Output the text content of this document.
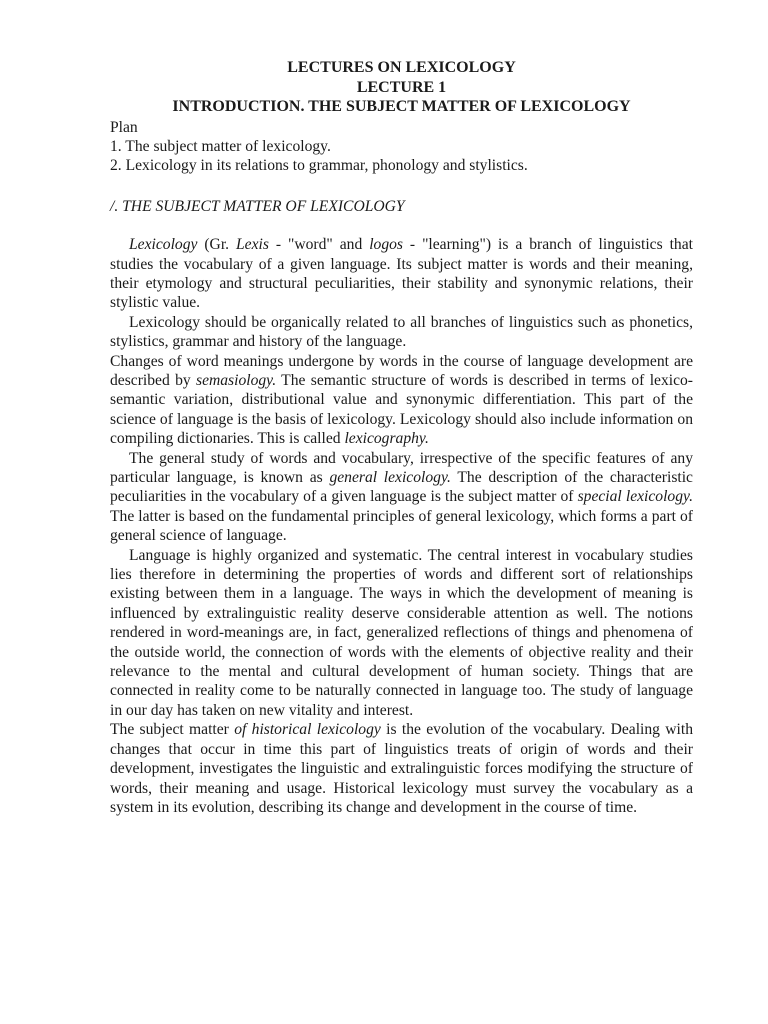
LECTURES ON LEXICOLOGY

LECTURE 1

INTRODUCTION. THE SUBJECT MATTER OF LEXICOLOGY

Plan

1. The subject matter of lexicology.
2. Lexicology in its relations to grammar, phonology and stylistics.

/. THE SUBJECT MATTER OF LEXICOLOGY

Lexicology (Gr. Lexis - "word" and logos - "learning") is a branch of linguistics that studies the vocabulary of a given language. Its subject matter is words and their meaning, their etymology and structural peculiarities, their stability and synonymic relations, their stylistic value.

Lexicology should be organically related to all branches of linguistics such as phonetics, stylistics, grammar and history of the language.

Changes of word meanings undergone by words in the course of language development are described by semasiology. The semantic structure of words is described in terms of lexico-semantic variation, distributional value and synonymic differentiation. This part of the science of language is the basis of lexicology. Lexicology should also include information on compiling dictionaries. This is called lexicography.

The general study of words and vocabulary, irrespective of the specific features of any particular language, is known as general lexicology. The description of the characteristic peculiarities in the vocabulary of a given language is the subject matter of special lexicology. The latter is based on the fundamental principles of general lexicology, which forms a part of general science of language.

Language is highly organized and systematic. The central interest in vocabulary studies lies therefore in determining the properties of words and different sort of relationships existing between them in a language. The ways in which the development of meaning is influenced by extralinguistic reality deserve considerable attention as well. The notions rendered in word-meanings are, in fact, generalized reflections of things and phenomena of the outside world, the connection of words with the elements of objective reality and their relevance to the mental and cultural development of human society. Things that are connected in reality come to be naturally connected in language too. The study of language in our day has taken on new vitality and interest.

The subject matter of historical lexicology is the evolution of the vocabulary. Dealing with changes that occur in time this part of linguistics treats of origin of words and their development, investigates the linguistic and extralinguistic forces modifying the structure of words, their meaning and usage. Historical lexicology must survey the vocabulary as a system in its evolution, describing its change and development in the course of time.
